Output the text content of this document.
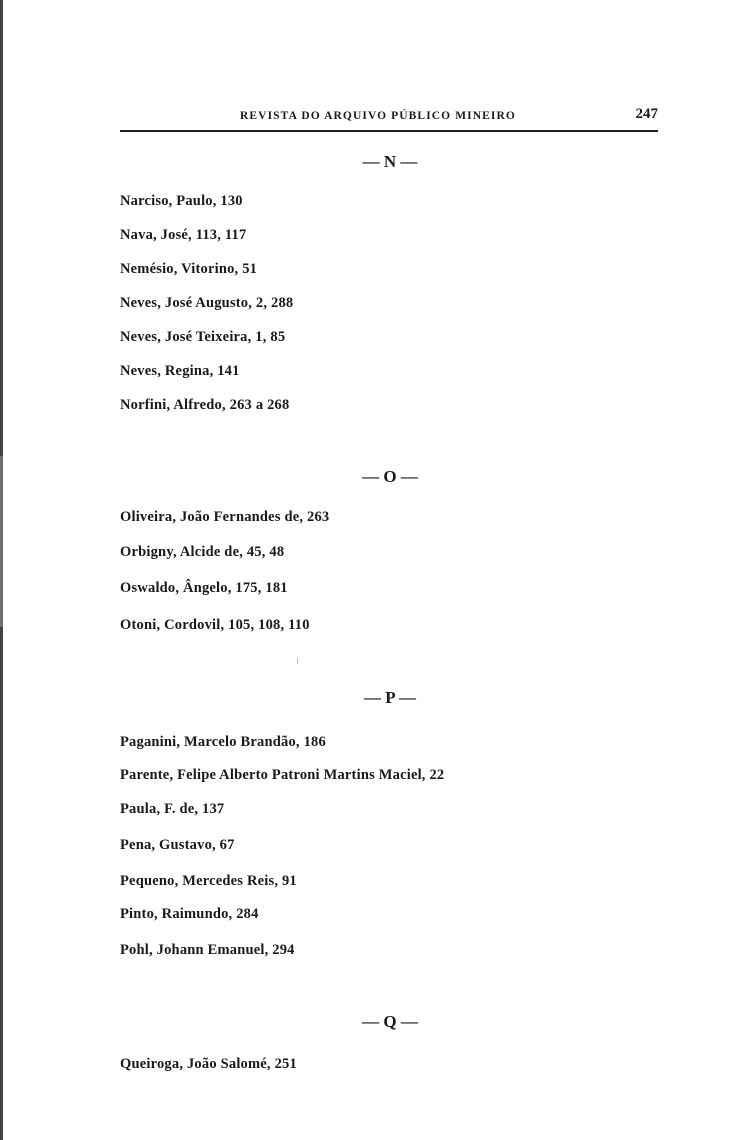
REVISTA DO ARQUIVO PÚBLICO MINEIRO	247
— N —
Narciso, Paulo, 130
Nava, José, 113, 117
Nemésio, Vitorino, 51
Neves, José Augusto, 2, 288
Neves, José Teixeira, 1, 85
Neves, Regina, 141
Norfini, Alfredo, 263 a 268
— O —
Oliveira, João Fernandes de, 263
Orbigny, Alcide de, 45, 48
Oswaldo, Ângelo, 175, 181
Otoni, Cordovil, 105, 108, 110
— P —
Paganini, Marcelo Brandão, 186
Parente, Felipe Alberto Patroni Martins Maciel, 22
Paula, F. de, 137
Pena, Gustavo, 67
Pequeno, Mercedes Reis, 91
Pinto, Raimundo, 284
Pohl, Johann Emanuel, 294
— Q —
Queiroga, João Salomé, 251
